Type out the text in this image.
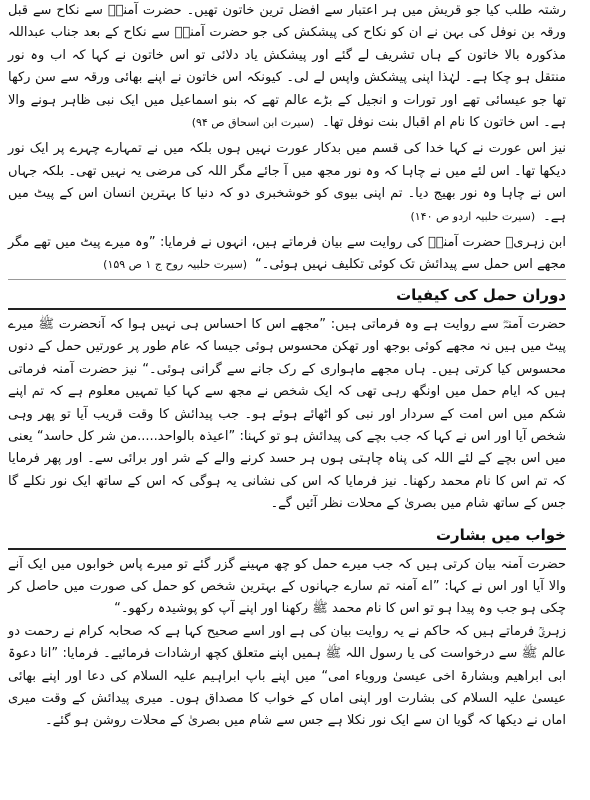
رشتہ طلب کیا جو قریش میں ہر اعتبار سے افضل ترین خاتون تھیں۔ حضرت آمنہؓ سے نکاح سے قبل ورقہ بن نوفل کی بہن نے ان کو نکاح کی پیشکش کی جو حضرت آمنہؓ سے نکاح کے بعد جناب عبداللہ مذکورہ بالا خاتون کے ہاں تشریف لے گئے اور پیشکش یاد دلائی تو اس خاتون نے کہا کہ اب وہ نور منتقل ہو چکا ہے۔ لہٰذا اپنی پیشکش واپس لے لی۔ کیونکہ اس خاتون نے اپنے بھائی ورقہ سے سن رکھا تھا جو عیسائی تھے اور تورات و انجیل کے بڑے عالم تھے کہ بنو اسماعیل میں ایک نبی ظاہر ہونے والا ہے۔ اس خاتون کا نام ام اقبال بنت نوفل تھا۔(سیرت ابن اسحاق ص ۹۴)

نیز اس عورت نے کہا خدا کی قسم میں بدکار عورت نہیں ہوں بلکہ میں نے تمہارے چہرے پر ایک نور دیکھا تھا۔ اس لئے میں نے چاہا کہ وہ نور مجھ میں آ جائے مگر اللہ کی مرضی یہ نہیں تھی۔ بلکہ جہاں اس نے چاہا وہ نور بھیج دیا۔ تم اپنی بیوی کو خوشخبری دو کہ دنیا کا بہترین انسان اس کے پیٹ میں ہے۔(سیرت حلبیہ اردو ص ۱۴۰)

ابن زہریؒ حضرت آمنہؓ کی روایت سے بیان فرماتے ہیں، انہوں نے فرمایا: ”وہ میرے پیٹ میں تھے مگر مجھے اس حمل سے پیدائش تک کوئی تکلیف نہیں ہوئی۔“(سیرت حلبیہ روح ج ۱ ص ۱۵۹)

دوران حمل کی کیفیات

حضرت آمنہؓ سے روایت ہے وہ فرماتی ہیں: ”مجھے اس کا احساس ہی نہیں ہوا کہ آنحضرت ﷺ میرے پیٹ میں ہیں نہ مجھے کوئی بوجھ اور تھکن محسوس ہوئی جیسا کہ عام طور پر عورتیں حمل کے دنوں محسوس کیا کرتی ہیں۔ ہاں مجھے ماہواری کے رک جانے سے گرانی ہوئی۔“ نیز حضرت آمنہ فرماتی ہیں کہ ایام حمل میں اونگھ رہی تھی کہ ایک شخص نے مجھ سے کہا کیا تمہیں معلوم ہے کہ تم اپنے شکم میں اس امت کے سردار اور نبی کو اٹھائے ہوئے ہو۔ جب پیدائش کا وقت قریب آیا تو پھر وہی شخص آیا اور اس نے کہا کہ جب بچے کی پیدائش ہو تو کہنا: ”اعیذہ بالواحد.....من شر کل حاسد“ یعنی میں اس بچے کے لئے اللہ کی پناہ چاہتی ہوں ہر حسد کرنے والے کے شر اور برائی سے۔ اور پھر فرمایا کہ تم اس کا نام محمد رکھنا۔ نیز فرمایا کہ اس کی نشانی یہ ہوگی کہ اس کے ساتھ ایک نور نکلے گا جس کے ساتھ شام میں بصریٰ کے محلات نظر آئیں گے۔

خواب میں بشارت

حضرت آمنہ بیان کرتی ہیں کہ جب میرے حمل کو چھ مہینے گزر گئے تو میرے پاس خوابوں میں ایک آنے والا آیا اور اس نے کہا: ”اے آمنہ تم سارے جہانوں کے بہترین شخص کو حمل کی صورت میں حاصل کر چکی ہو جب وہ پیدا ہو تو اس کا نام محمد ﷺ رکھنا اور اپنے آپ کو پوشیدہ رکھو۔“

زہریؒ فرماتے ہیں کہ حاکم نے یہ روایت بیان کی ہے اور اسے صحیح کہا ہے کہ صحابہ کرام نے رحمت دو عالم ﷺ سے درخواست کی یا رسول اللہ ﷺ ہمیں اپنے متعلق کچھ ارشادات فرمائیے۔ فرمایا: ”انا دعوۃ ابی ابراھیم وبشارۃ اخی عیسیٰ ورویاء امی“ میں اپنے باپ ابراہیم علیہ السلام کی دعا اور اپنے بھائی عیسیٰ علیہ السلام کی بشارت اور اپنی اماں کے خواب کا مصداق ہوں۔ میری پیدائش کے وقت میری اماں نے دیکھا کہ گویا ان سے ایک نور نکلا ہے جس سے شام میں بصریٰ کے محلات روشن ہو گئے۔
